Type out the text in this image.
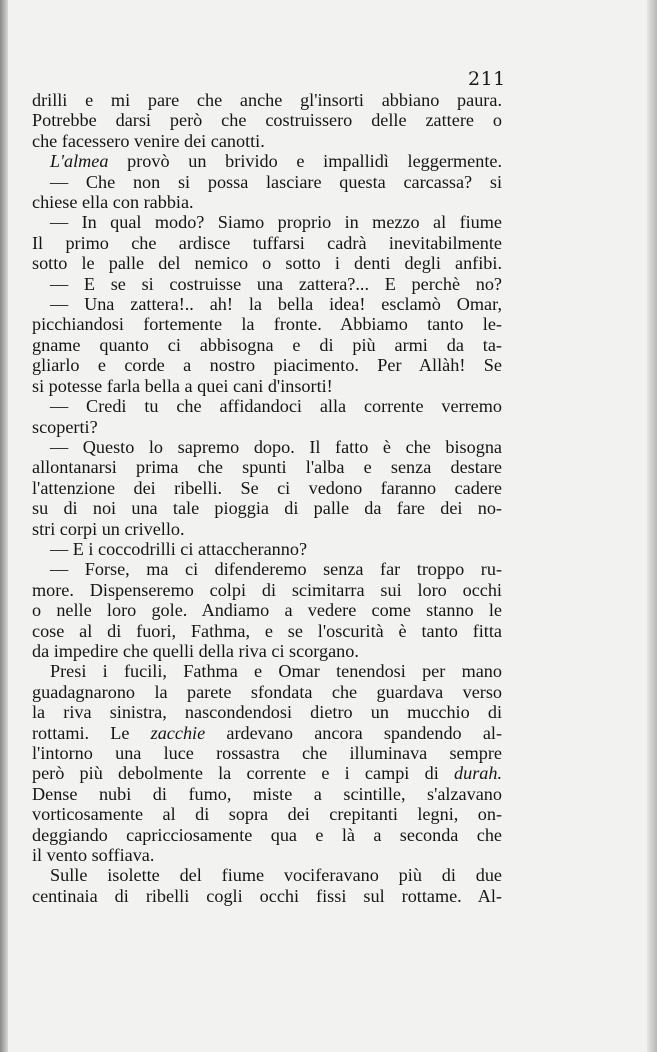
211
drilli e mi pare che anche gl'insorti abbiano paura.
Potrebbe darsi però che costruissero delle zattere o
che facessero venire dei canotti.
L'almea provò un brivido e impallidì leggermente.
— Che non si possa lasciare questa carcassa? si
chiese ella con rabbia.
— In qual modo? Siamo proprio in mezzo al fiume
Il primo che ardisce tuffarsi cadrà inevitabilmente
sotto le palle del nemico o sotto i denti degli anfibi.
— E se si costruisse una zattera?... E perchè no?
— Una zattera!.. ah! la bella idea! esclamò Omar,
picchiandosi fortemente la fronte. Abbiamo tanto le-
gname quanto ci abbisogna e di più armi da ta-
gliarlo e corde a nostro piacimento. Per Allàh! Se
si potesse farla bella a quei cani d'insorti!
— Credi tu che affidandoci alla corrente verremo
scoperti?
— Questo lo sapremo dopo. Il fatto è che bisogna
allontanarsi prima che spunti l'alba e senza destare
l'attenzione dei ribelli. Se ci vedono faranno cadere
su di noi una tale pioggia di palle da fare dei no-
stri corpi un crivello.
— E i coccodrilli ci attaccheranno?
— Forse, ma ci difenderemo senza far troppo ru-
more. Dispenseremo colpi di scimitarra sui loro occhi
o nelle loro gole. Andiamo a vedere come stanno le
cose al di fuori, Fathma, e se l'oscurità è tanto fitta
da impedire che quelli della riva ci scorgano.
Presi i fucili, Fathma e Omar tenendosi per mano
guadagnarono la parete sfondata che guardava verso
la riva sinistra, nascondendosi dietro un mucchio di
rottami. Le zacchie ardevano ancora spandendo al-
l'intorno una luce rossastra che illuminava sempre
però più debolmente la corrente e i campi di durah.
Dense nubi di fumo, miste a scintille, s'alzavano
vorticosamente al di sopra dei crepitanti legni, on-
deggiando capricciosamente qua e là a seconda che
il vento soffiava.
Sulle isolette del fiume vociferavano più di due
centinaia di ribelli cogli occhi fissi sul rottame. Al-
